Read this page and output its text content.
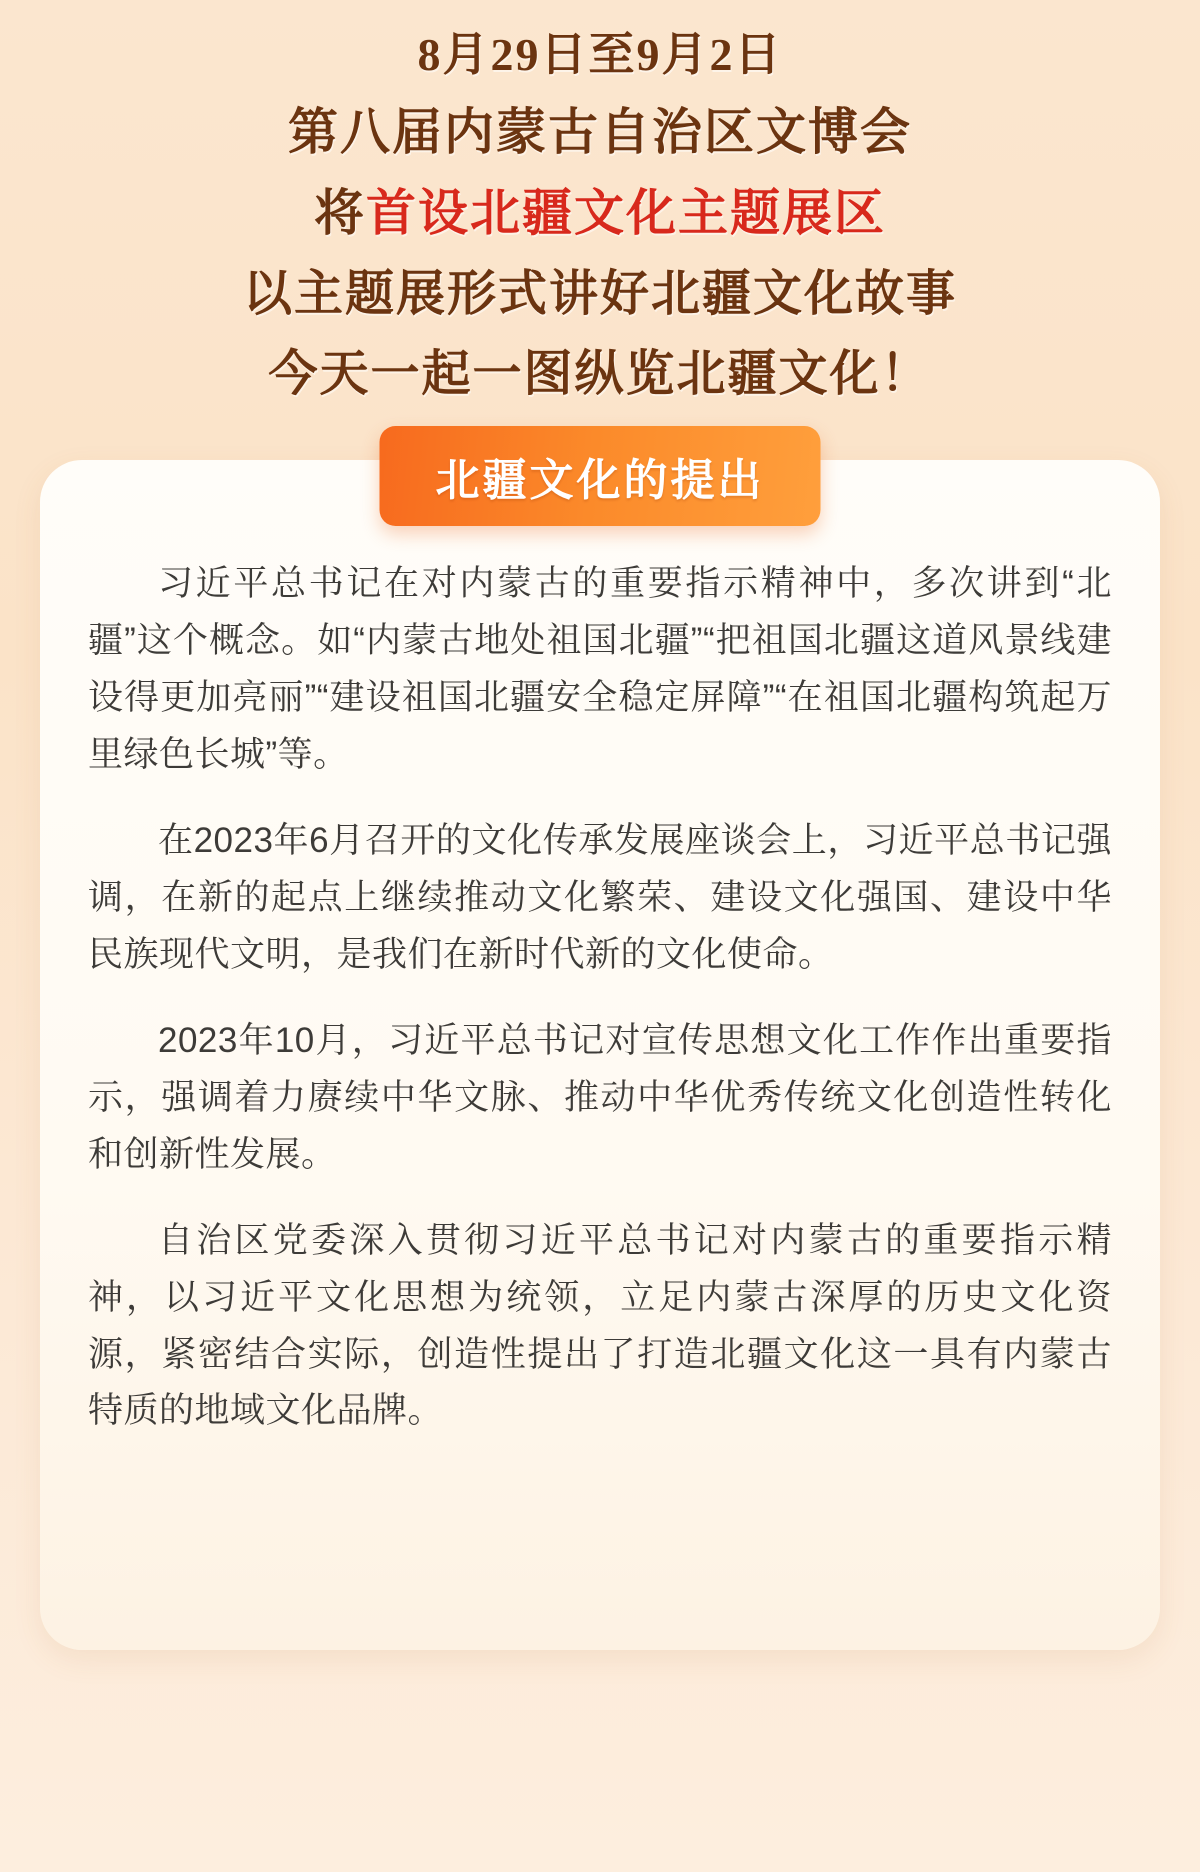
8月29日至9月2日
第八届内蒙古自治区文博会
将首设北疆文化主题展区
以主题展形式讲好北疆文化故事
今天一起一图纵览北疆文化！
北疆文化的提出

习近平总书记在对内蒙古的重要指示精神中，多次讲到“北疆”这个概念。如“内蒙古地处祖国北疆”“把祖国北疆这道风景线建设得更加亮丽”“建设祖国北疆安全稳定屏障”“在祖国北疆构筑起万里绿色长城”等。

在2023年6月召开的文化传承发展座谈会上，习近平总书记强调，在新的起点上继续推动文化繁荣、建设文化强国、建设中华民族现代文明，是我们在新时代新的文化使命。

2023年10月，习近平总书记对宣传思想文化工作作出重要指示，强调着力赓续中华文脉、推动中华优秀传统文化创造性转化和创新性发展。

自治区党委深入贯彻习近平总书记对内蒙古的重要指示精神，以习近平文化思想为统领，立足内蒙古深厚的历史文化资源，紧密结合实际，创造性提出了打造北疆文化这一具有内蒙古特质的地域文化品牌。
